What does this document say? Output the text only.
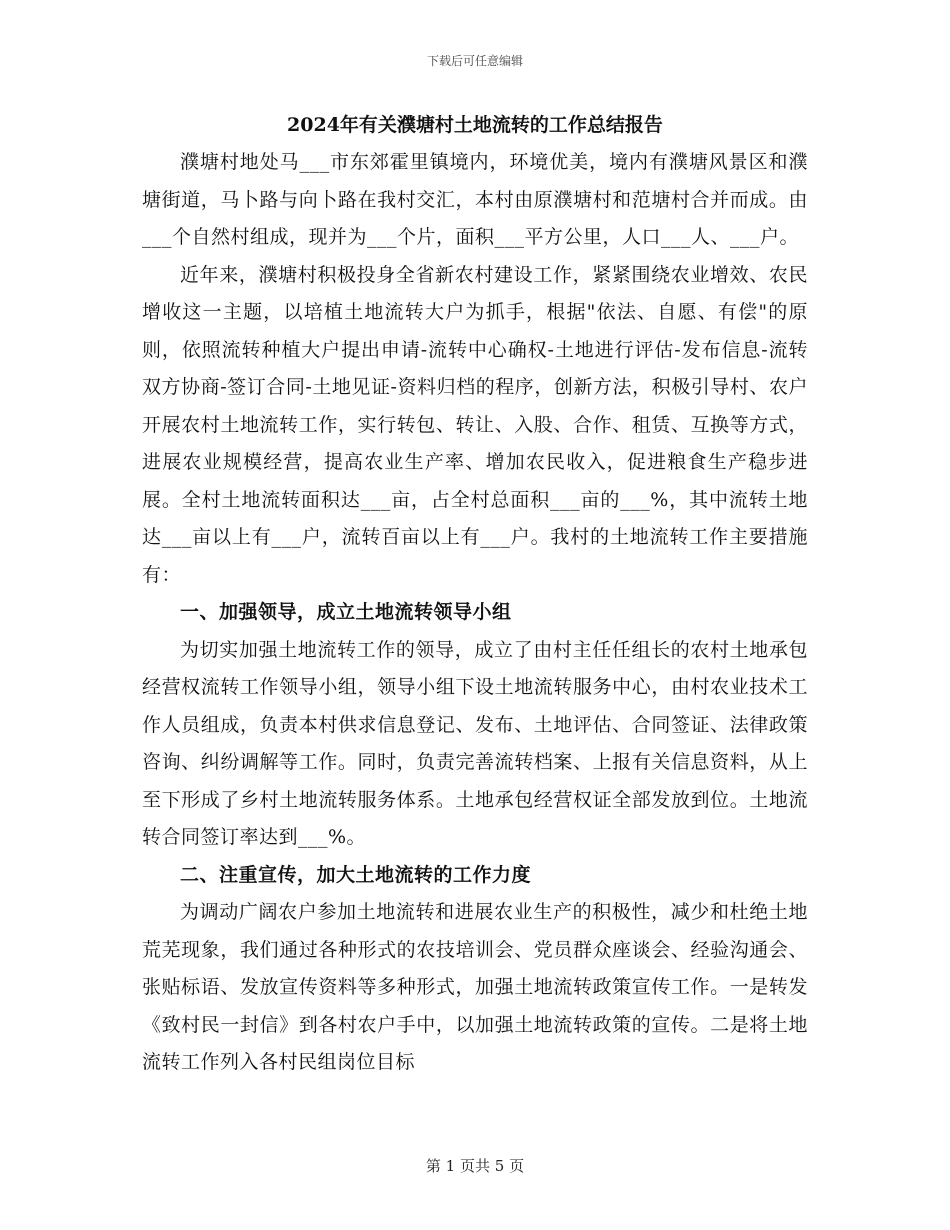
下载后可任意编辑
2024年有关濮塘村土地流转的工作总结报告

濮塘村地处马___市东郊霍里镇境内，环境优美，境内有濮塘风景区和濮塘街道，马卜路与向卜路在我村交汇，本村由原濮塘村和范塘村合并而成。由___个自然村组成，现并为___个片，面积___平方公里，人口___人、___户。

近年来，濮塘村积极投身全省新农村建设工作，紧紧围绕农业增效、农民增收这一主题，以培植土地流转大户为抓手，根据"依法、自愿、有偿"的原则，依照流转种植大户提出申请-流转中心确权-土地进行评估-发布信息-流转双方协商-签订合同-土地见证-资料归档的程序，创新方法，积极引导村、农户开展农村土地流转工作，实行转包、转让、入股、合作、租赁、互换等方式，进展农业规模经营，提高农业生产率、增加农民收入，促进粮食生产稳步进展。全村土地流转面积达___亩，占全村总面积___亩的___%，其中流转土地达___亩以上有___户，流转百亩以上有___户。我村的土地流转工作主要措施有：

一、加强领导，成立土地流转领导小组

为切实加强土地流转工作的领导，成立了由村主任任组长的农村土地承包经营权流转工作领导小组，领导小组下设土地流转服务中心，由村农业技术工作人员组成，负责本村供求信息登记、发布、土地评估、合同签证、法律政策咨询、纠纷调解等工作。同时，负责完善流转档案、上报有关信息资料，从上至下形成了乡村土地流转服务体系。土地承包经营权证全部发放到位。土地流转合同签订率达到___%。

二、注重宣传，加大土地流转的工作力度

为调动广阔农户参加土地流转和进展农业生产的积极性，减少和杜绝土地荒芜现象，我们通过各种形式的农技培训会、党员群众座谈会、经验沟通会、张贴标语、发放宣传资料等多种形式，加强土地流转政策宣传工作。一是转发《致村民一封信》到各村农户手中，以加强土地流转政策的宣传。二是将土地流转工作列入各村民组岗位目标

第 1 页共 5 页
